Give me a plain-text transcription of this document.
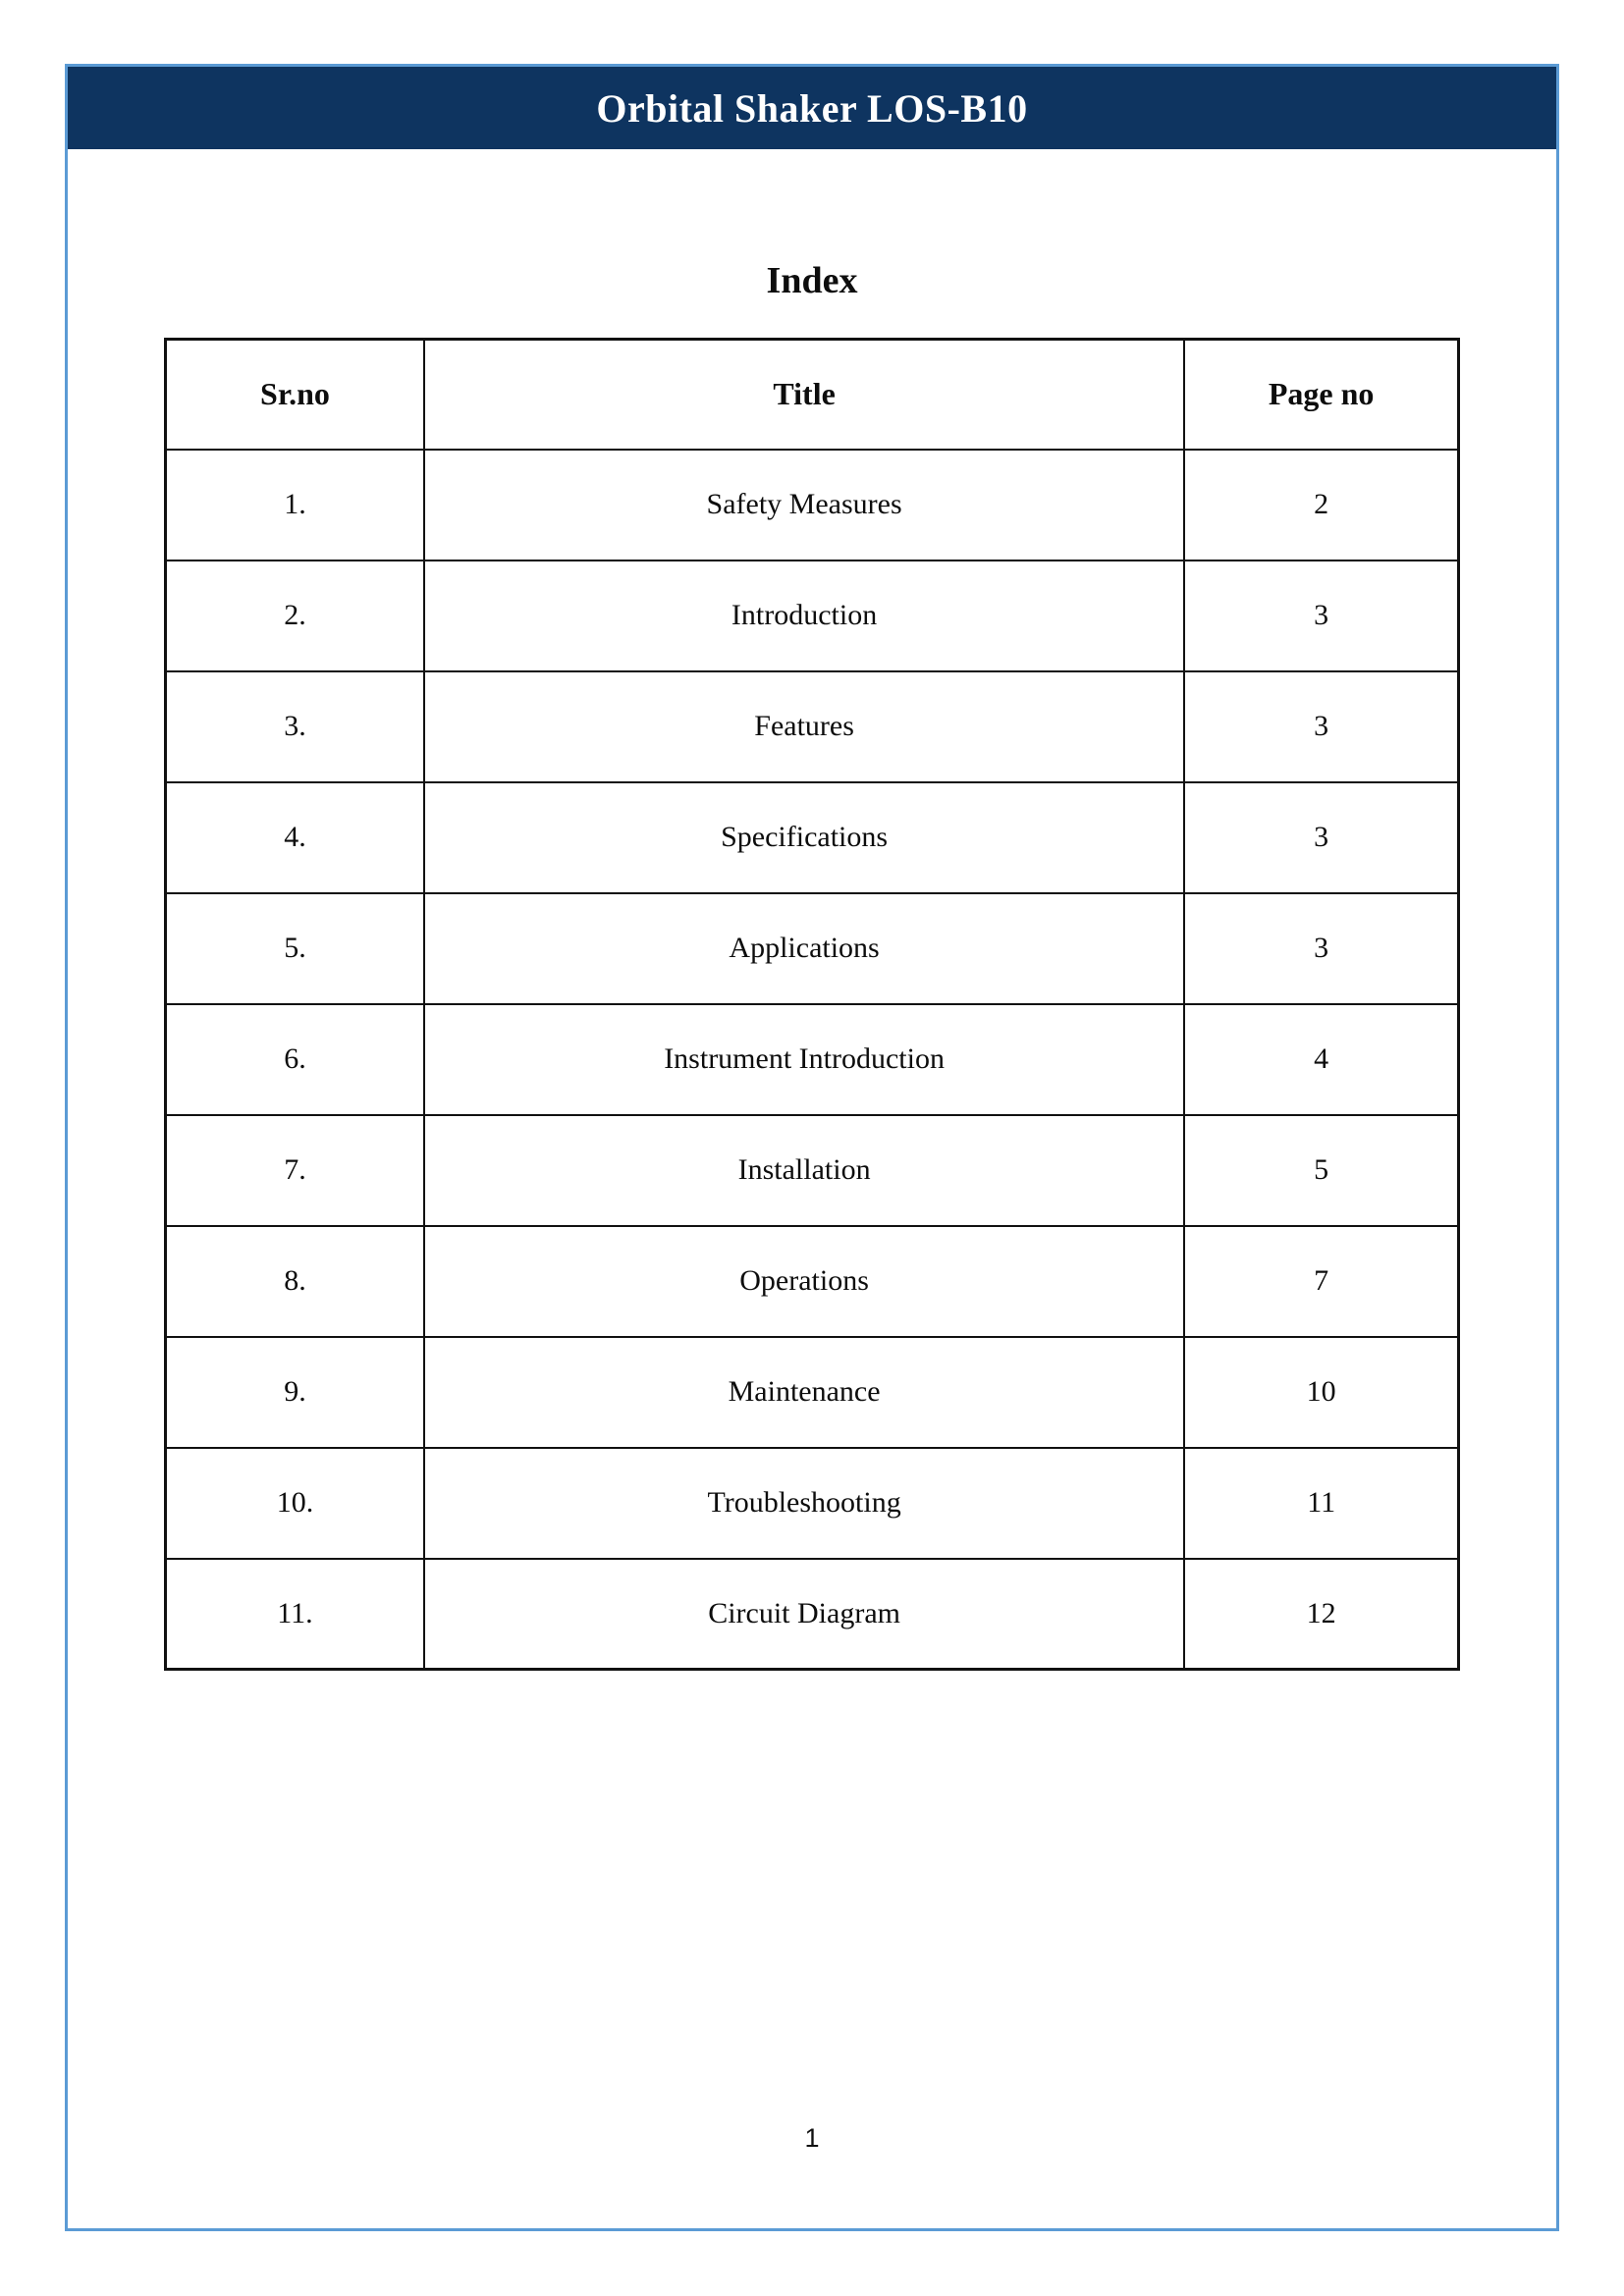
Orbital Shaker LOS-B10
Index
Sr.no	Title	Page no
1.	Safety Measures	2
2.	Introduction	3
3.	Features	3
4.	Specifications	3
5.	Applications	3
6.	Instrument Introduction	4
7.	Installation	5
8.	Operations	7
9.	Maintenance	10
10.	Troubleshooting	11
11.	Circuit Diagram	12
1
